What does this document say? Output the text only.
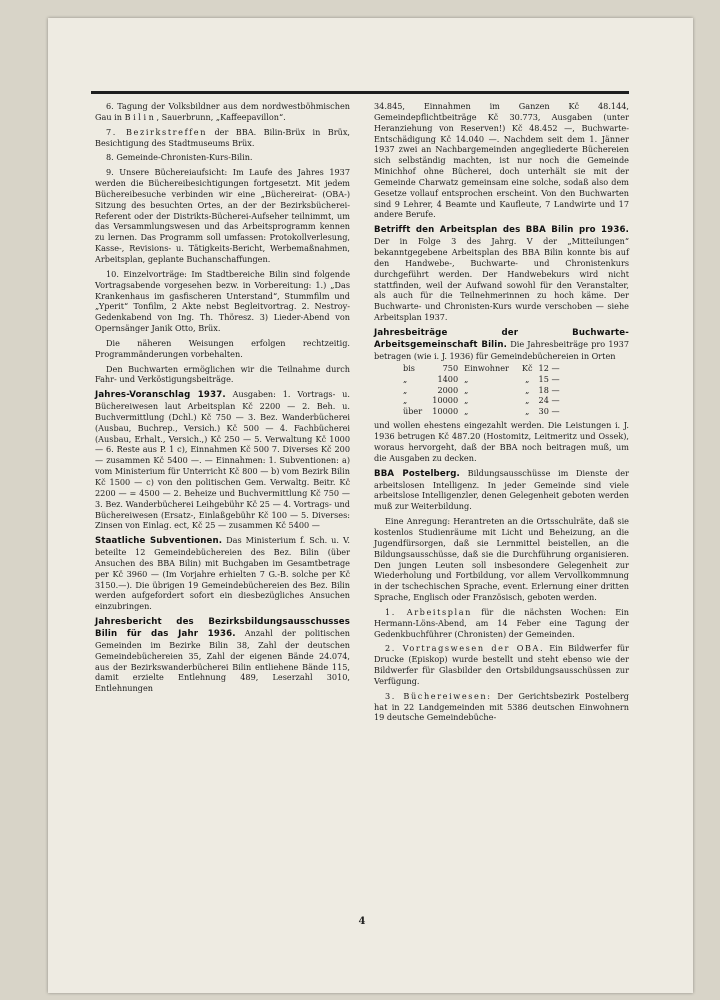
6. Tagung der Volksbildner aus dem nordwestböhmischen Gau in B i l i n , Sauerbrunn, „Kaffeepavillon“.

7. Bezirkstreffen der BBA. Bilin-Brüx in Brüx, Besichtigung des Stadtmuseums Brüx.

8. Gemeinde-Chronisten-Kurs-Bilin.

9. Unsere Büchereiaufsicht: Im Laufe des Jahres 1937 werden die Büchereibesichtigungen fortgesetzt. Mit jedem Büchereibesuche verbinden wir eine „Büchereirat- (OBA-) Sitzung des besuchten Ortes, an der der Bezirksbücherei-Referent oder der Distrikts-Bücherei-Aufseher teilnimmt, um das Versammlungswesen und das Arbeitsprogramm kennen zu lernen. Das Programm soll umfassen: Protokollverlesung, Kasse-, Revisions- u. Tätigkeits-Bericht, Werbemaßnahmen, Arbeitsplan, geplante Buchanschaffungen.

10. Einzelvorträge: Im Stadtbereiche Bilin sind folgende Vortragsabende vorgesehen bezw. in Vorbereitung: 1.) „Das Krankenhaus im gasfischeren Unterstand“, Stummfilm und „Yperit“ Tonfilm, 2 Akte nebst Begleitvortrag. 2. Nestroy-Gedenkabend von Ing. Th. Thöresz. 3) Lieder-Abend von Opernsänger Janik Otto, Brüx.

Die näheren Weisungen erfolgen rechtzeitig. Programmänderungen vorbehalten.

Den Buchwarten ermöglichen wir die Teilnahme durch Fahr- und Verköstigungsbeiträge.

Jahres-Voranschlag 1937. Ausgaben: 1. Vortrags- u. Büchereiwesen laut Arbeitsplan Kč 2200 — 2. Beh. u. Buchvermittlung (Dchl.) Kč 750 — 3. Bez. Wanderbücherei (Ausbau, Buchrep., Versich.) Kč 500 — 4. Fachbücherei (Ausbau, Erhalt., Versich.,) Kč 250 — 5. Verwaltung Kč 1000 — 6. Reste aus P. 1 c), Einnahmen Kč 500 7. Diverses Kč 200 — zusammen Kč 5400 —. — Einnahmen: 1. Subventionen: a) vom Ministerium für Unterricht Kč 800 — b) vom Bezirk Bilin Kč 1500 — c) von den politischen Gem. Verwaltg. Beitr. Kč 2200 — = 4500 — 2. Beheize und Buchvermittlung Kč 750 — 3. Bez. Wanderbücherei Leihgebühr Kč 25 — 4. Vortrags- und Büchereiwesen (Ersatz-, Einlaßgebühr Kč 100 — 5. Diverses: Zinsen von Einlag. ect, Kč 25 — zusammen Kč 5400 —

Staatliche Subventionen. Das Ministerium f. Sch. u. V. beteilte 12 Gemeindebüchereien des Bez. Bilin (über Ansuchen des BBA Bilin) mit Buchgaben im Gesamtbetrage per Kč 3960 — (Im Vorjahre erhielten 7 G.-B. solche per Kč 3150.—). Die übrigen 19 Gemeindebüchereien des Bez. Bilin werden aufgefordert sofort ein diesbezügliches Ansuchen einzubringen.

Jahresbericht des Bezirksbildungsausschusses Bilin für das Jahr 1936. Anzahl der politischen Gemeinden im Bezirke Bilin 38, Zahl der deutschen Gemeindebüchereien 35, Zahl der eigenen Bände 24.074, aus der Bezirkswanderbücherei Bilin entliehene Bände 115, damit erzielte Entlehnung 489, Leserzahl 3010, Entlehnungen

34.845, Einnahmen im Ganzen Kč 48.144, Gemeindepflichtbeiträge Kč 30.773, Ausgaben (unter Heranziehung von Reserven!) Kč 48.452 —, Buchwarte-Entschädigung Kč 14.040 —. Nachdem seit dem 1. Jänner 1937 zwei an Nachbargemeinden angegliederte Büchereien sich selbständig machten, ist nur noch die Gemeinde Minichhof ohne Bücherei, doch unterhält sie mit der Gemeinde Charwatz gemeinsam eine solche, sodaß also dem Gesetze vollauf entsprochen erscheint. Von den Buchwarten sind 9 Lehrer, 4 Beamte und Kaufleute, 7 Landwirte und 17 andere Berufe.

Betrifft den Arbeitsplan des BBA Bilin pro 1936. Der in Folge 3 des Jahrg. V der „Mitteilungen“ bekanntgegebene Arbeitsplan des BBA Bilin konnte bis auf den Handwebe-, Buchwarte- und Chronistenkurs durchgeführt werden. Der Handwebekurs wird nicht stattfinden, weil der Aufwand sowohl für den Veranstalter, als auch für die Teilnehmerinnen zu hoch käme. Der Buchwarte- und Chronisten-Kurs wurde verschoben — siehe Arbeitsplan 1937.

Jahresbeiträge der Buchwarte-Arbeitsgemeinschaft Bilin. Die Jahresbeiträge pro 1937 betragen (wie i. J. 1936) für Gemeindebüchereien in Orten

bis	750	Einwohner	Kč	12 —
„	1400	„	„	15 —
„	2000	„	„	18 —
„	10000	„	„	24 —
über	10000	„	„	30 —

und wollen ehestens eingezahlt werden. Die Leistungen i. J. 1936 betrugen Kč 487.20 (Hostomitz, Leitmeritz und Ossek), woraus hervorgeht, daß der BBA noch beitragen muß, um die Ausgaben zu decken.

BBA Postelberg. Bildungsausschüsse im Dienste der arbeitslosen Intelligenz. In jeder Gemeinde sind viele arbeitslose Intelligenzler, denen Gelegenheit geboten werden muß zur Weiterbildung.

Eine Anregung: Herantreten an die Ortsschulräte, daß sie kostenlos Studienräume mit Licht und Beheizung, an die Jugendfürsorgen, daß sie Lernmittel beistellen, an die Bildungsausschüsse, daß sie die Durchführung organisieren. Den jungen Leuten soll insbesondere Gelegenheit zur Wiederholung und Fortbildung, vor allem Vervollkommnung in der tschechischen Sprache, event. Erlernung einer dritten Sprache, Englisch oder Französisch, geboten werden.

1. Arbeitsplan für die nächsten Wochen: Ein Hermann-Löns-Abend, am 14 Feber eine Tagung der Gedenkbuchführer (Chronisten) der Gemeinden.

2. Vortragswesen der OBA. Ein Bildwerfer für Drucke (Episkop) wurde bestellt und steht ebenso wie der Bildwerfer für Glasbilder den Ortsbildungsausschüssen zur Verfügung.

3. Büchereiwesen: Der Gerichtsbezirk Postelberg hat in 22 Landgemeinden mit 5386 deutschen Einwohnern 19 deutsche Gemeindebüche-

4
